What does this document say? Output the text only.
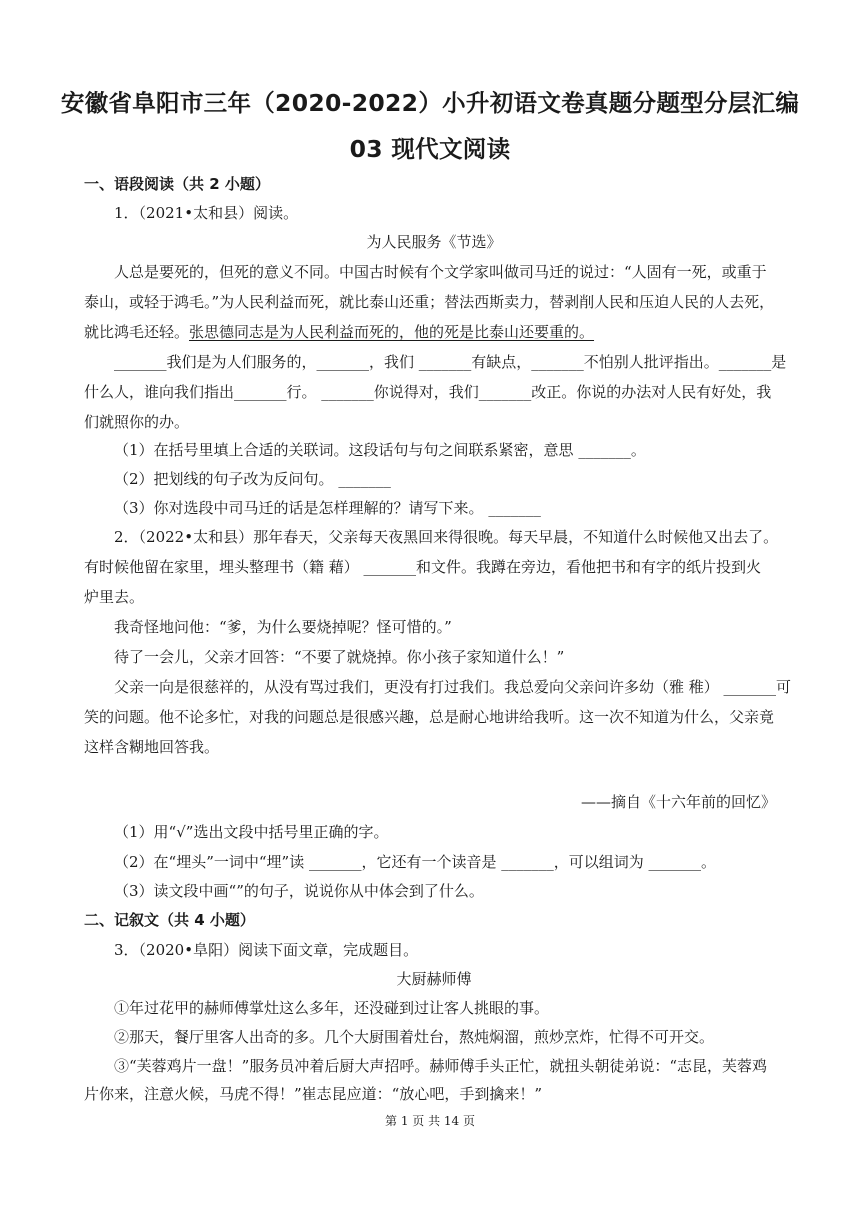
安徽省阜阳市三年（2020-2022）小升初语文卷真题分题型分层汇编
03 现代文阅读
一、语段阅读（共 2 小题）
1．（2021•太和县）阅读。
为人民服务《节选》
人总是要死的，但死的意义不同。中国古时候有个文学家叫做司马迁的说过：“人固有一死，或重于
泰山，或轻于鸿毛。”为人民利益而死，就比泰山还重；替法西斯卖力，替剥削人民和压迫人民的人去死，
就比鸿毛还轻。张思德同志是为人民利益而死的，他的死是比泰山还要重的。
_______我们是为人们服务的，_______，我们 _______有缺点，_______不怕别人批评指出。_______是
什么人，谁向我们指出_______行。 _______你说得对，我们_______改正。你说的办法对人民有好处，我
们就照你的办。
（1）在括号里填上合适的关联词。这段话句与句之间联系紧密，意思 _______。
（2）把划线的句子改为反问句。 _______
（3）你对选段中司马迁的话是怎样理解的？请写下来。 _______
2．（2022•太和县）那年春天，父亲每天夜黑回来得很晚。每天早晨，不知道什么时候他又出去了。
有时候他留在家里，埋头整理书（籍 藉） _______和文件。我蹲在旁边，看他把书和有字的纸片投到火
炉里去。
我奇怪地问他：“爹，为什么要烧掉呢？怪可惜的。”
待了一会儿，父亲才回答：“不要了就烧掉。你小孩子家知道什么！”
父亲一向是很慈祥的，从没有骂过我们，更没有打过我们。我总爱向父亲问许多幼（雅 稚） _______可
笑的问题。他不论多忙，对我的问题总是很感兴趣，总是耐心地讲给我听。这一次不知道为什么，父亲竟
这样含糊地回答我。
——摘自《十六年前的回忆》
（1）用“√”选出文段中括号里正确的字。
（2）在“埋头”一词中“埋”读 _______，它还有一个读音是 _______，可以组词为 _______。
（3）读文段中画“”的句子，说说你从中体会到了什么。
二、记叙文（共 4 小题）
3．（2020•阜阳）阅读下面文章，完成题目。
大厨赫师傅
①年过花甲的赫师傅掌灶这么多年，还没碰到过让客人挑眼的事。
②那天，餐厅里客人出奇的多。几个大厨围着灶台，熬炖焖溜，煎炒烹炸，忙得不可开交。
③“芙蓉鸡片一盘！”服务员冲着后厨大声招呼。赫师傅手头正忙，就扭头朝徒弟说：“志昆，芙蓉鸡
片你来，注意火候，马虎不得！”崔志昆应道：“放心吧，手到擒来！”
第 1 页 共 14 页
